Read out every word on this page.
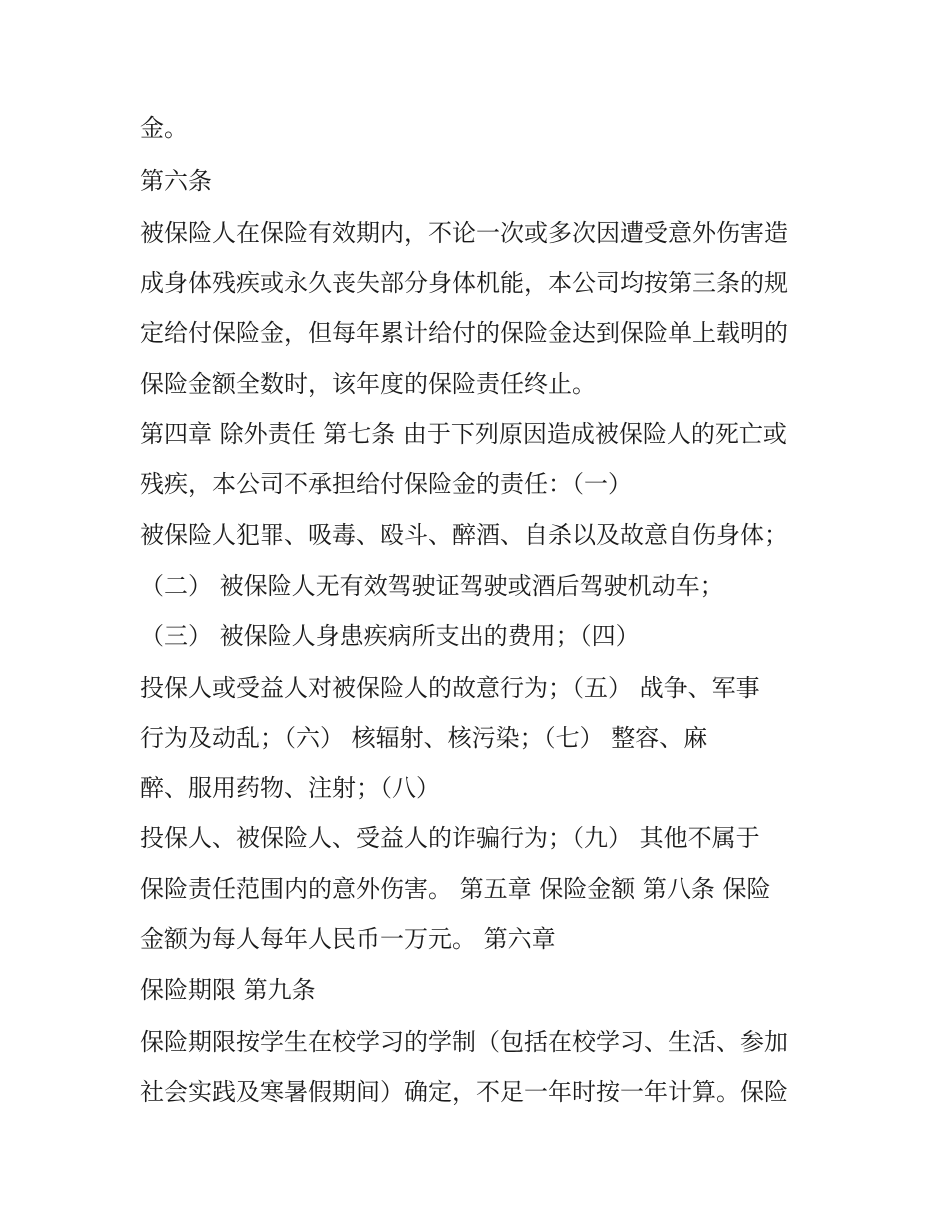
金。
第六条
被保险人在保险有效期内，不论一次或多次因遭受意外伤害造
成身体残疾或永久丧失部分身体机能，本公司均按第三条的规
定给付保险金，但每年累计给付的保险金达到保险单上载明的
保险金额全数时，该年度的保险责任终止。
第四章 除外责任 第七条 由于下列原因造成被保险人的死亡或
残疾，本公司不承担给付保险金的责任：（一）
被保险人犯罪、吸毒、殴斗、醉酒、自杀以及故意自伤身体；
（二） 被保险人无有效驾驶证驾驶或酒后驾驶机动车；
（三） 被保险人身患疾病所支出的费用；（四）
投保人或受益人对被保险人的故意行为；（五） 战争、军事
行为及动乱；（六） 核辐射、核污染；（七） 整容、麻
醉、服用药物、注射；（八）
投保人、被保险人、受益人的诈骗行为；（九） 其他不属于
保险责任范围内的意外伤害。 第五章 保险金额 第八条 保险
金额为每人每年人民币一万元。 第六章
保险期限 第九条
保险期限按学生在校学习的学制（包括在校学习、生活、参加
社会实践及寒暑假期间）确定，不足一年时按一年计算。保险
